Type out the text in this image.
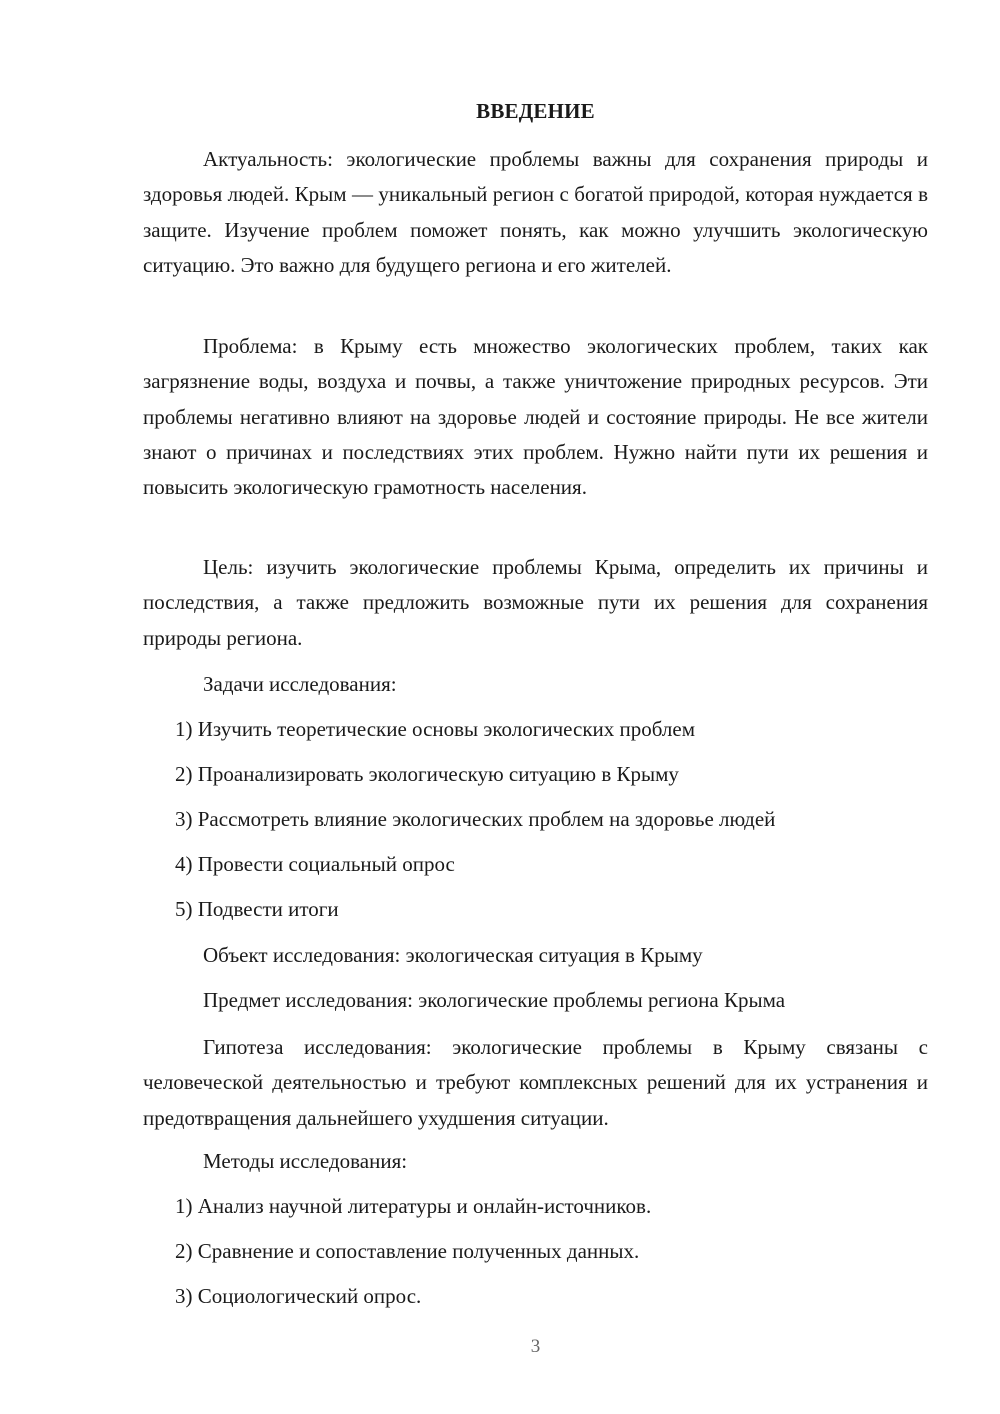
ВВЕДЕНИЕ

Актуальность: экологические проблемы важны для сохранения природы и здоровья людей. Крым — уникальный регион с богатой природой, которая нуждается в защите. Изучение проблем поможет понять, как можно улучшить экологическую ситуацию. Это важно для будущего региона и его жителей.

Проблема: в Крыму есть множество экологических проблем, таких как загрязнение воды, воздуха и почвы, а также уничтожение природных ресурсов. Эти проблемы негативно влияют на здоровье людей и состояние природы. Не все жители знают о причинах и последствиях этих проблем. Нужно найти пути их решения и повысить экологическую грамотность населения.

Цель: изучить экологические проблемы Крыма, определить их причины и последствия, а также предложить возможные пути их решения для сохранения природы региона.

Задачи исследования:

1) Изучить теоретические основы экологических проблем

2) Проанализировать экологическую ситуацию в Крыму

3) Рассмотреть влияние экологических проблем на здоровье людей

4) Провести социальный опрос

5) Подвести итоги

Объект исследования: экологическая ситуация в Крыму

Предмет исследования: экологические проблемы региона Крыма

Гипотеза исследования: экологические проблемы в Крыму связаны с человеческой деятельностью и требуют комплексных решений для их устранения и предотвращения дальнейшего ухудшения ситуации.

Методы исследования:

1) Анализ научной литературы и онлайн-источников.

2) Сравнение и сопоставление полученных данных.

3) Социологический опрос.

3
